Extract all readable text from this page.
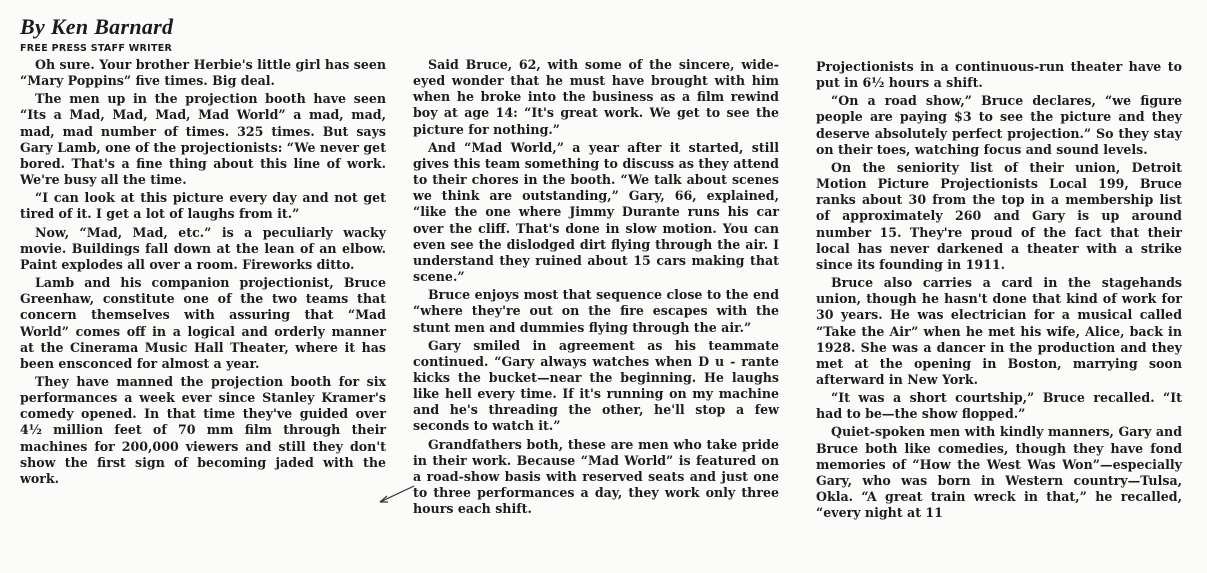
By Ken Barnard
FREE PRESS STAFF WRITER

Oh sure. Your brother Herbie's little girl has seen “Mary Poppins” five times. Big deal.

The men up in the projection booth have seen “Its a Mad, Mad, Mad, Mad World” a mad, mad, mad, mad number of times. 325 times. But says Gary Lamb, one of the projectionists: “We never get bored. That's a fine thing about this line of work. We're busy all the time.

“I can look at this picture every day and not get tired of it. I get a lot of laughs from it.”

Now, “Mad, Mad, etc.” is a peculiarly wacky movie. Buildings fall down at the lean of an elbow. Paint explodes all over a room. Fireworks ditto.

Lamb and his companion projectionist, Bruce Greenhaw, constitute one of the two teams that concern themselves with assuring that “Mad World” comes off in a logical and orderly manner at the Cinerama Music Hall Theater, where it has been ensconced for almost a year.

They have manned the projection booth for six performances a week ever since Stanley Kramer's comedy opened. In that time they've guided over 4½ million feet of 70 mm film through their machines for 200,000 viewers and still they don't show the first sign of becoming jaded with the work.

Said Bruce, 62, with some of the sincere, wide-eyed wonder that he must have brought with him when he broke into the business as a film rewind boy at age 14: “It's great work. We get to see the picture for nothing.”

And “Mad World,” a year after it started, still gives this team something to discuss as they attend to their chores in the booth. “We talk about scenes we think are outstanding,” Gary, 66, explained, “like the one where Jimmy Durante runs his car over the cliff. That's done in slow motion. You can even see the dislodged dirt flying through the air. I understand they ruined about 15 cars making that scene.”

Bruce enjoys most that sequence close to the end “where they're out on the fire escapes with the stunt men and dummies flying through the air.”

Gary smiled in agreement as his teammate continued. “Gary always watches when D u - rante kicks the bucket—near the beginning. He laughs like hell every time. If it's running on my machine and he's threading the other, he'll stop a few seconds to watch it.”

Grandfathers both, these are men who take pride in their work. Because “Mad World” is featured on a road-show basis with reserved seats and just one to three performances a day, they work only three hours each shift.

Projectionists in a continuous-run theater have to put in 6½ hours a shift.

“On a road show,” Bruce declares, “we figure people are paying $3 to see the picture and they deserve absolutely perfect projection.” So they stay on their toes, watching focus and sound levels.

On the seniority list of their union, Detroit Motion Picture Projectionists Local 199, Bruce ranks about 30 from the top in a membership list of approximately 260 and Gary is up around number 15. They're proud of the fact that their local has never darkened a theater with a strike since its founding in 1911.

Bruce also carries a card in the stagehands union, though he hasn't done that kind of work for 30 years. He was electrician for a musical called “Take the Air” when he met his wife, Alice, back in 1928. She was a dancer in the production and they met at the opening in Boston, marrying soon afterward in New York.

“It was a short courtship,” Bruce recalled. “It had to be—the show flopped.”

Quiet-spoken men with kindly manners, Gary and Bruce both like comedies, though they have fond memories of “How the West Was Won”—especially Gary, who was born in Western country—Tulsa, Okla. “A great train wreck in that,” he recalled, “every night at 11
